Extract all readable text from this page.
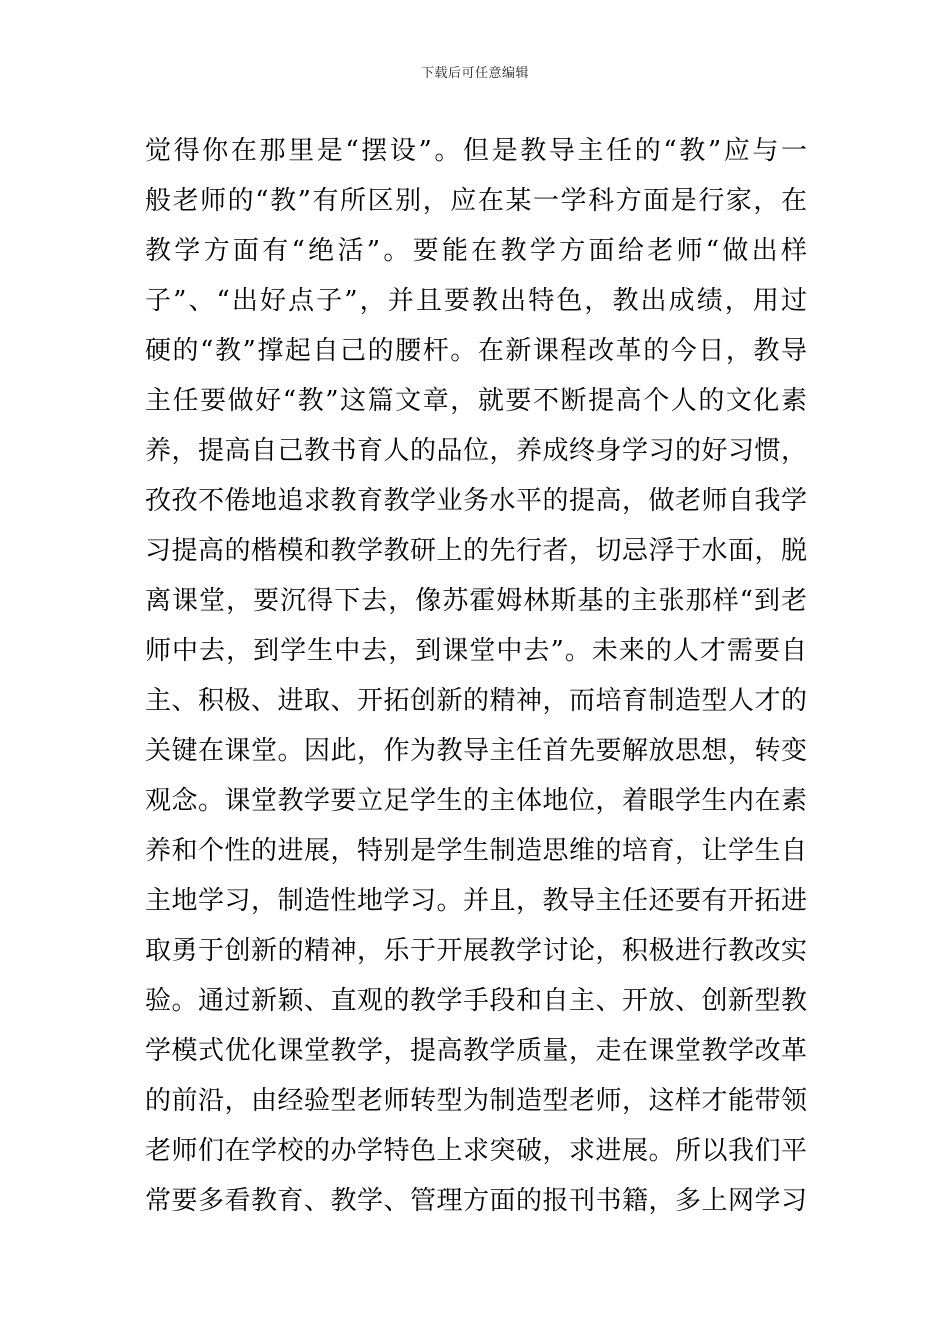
下载后可任意编辑
觉得你在那里是“摆设”。但是教导主任的“教”应与一
般老师的“教”有所区别，应在某一学科方面是行家，在
教学方面有“绝活”。要能在教学方面给老师“做出样
子”、“出好点子”，并且要教出特色，教出成绩，用过
硬的“教”撑起自己的腰杆。在新课程改革的今日，教导
主任要做好“教”这篇文章，就要不断提高个人的文化素
养，提高自己教书育人的品位，养成终身学习的好习惯，
孜孜不倦地追求教育教学业务水平的提高，做老师自我学
习提高的楷模和教学教研上的先行者，切忌浮于水面，脱
离课堂，要沉得下去，像苏霍姆林斯基的主张那样“到老
师中去，到学生中去，到课堂中去”。未来的人才需要自
主、积极、进取、开拓创新的精神，而培育制造型人才的
关键在课堂。因此，作为教导主任首先要解放思想，转变
观念。课堂教学要立足学生的主体地位，着眼学生内在素
养和个性的进展，特别是学生制造思维的培育，让学生自
主地学习，制造性地学习。并且，教导主任还要有开拓进
取勇于创新的精神，乐于开展教学讨论，积极进行教改实
验。通过新颖、直观的教学手段和自主、开放、创新型教
学模式优化课堂教学，提高教学质量，走在课堂教学改革
的前沿，由经验型老师转型为制造型老师，这样才能带领
老师们在学校的办学特色上求突破，求进展。所以我们平
常要多看教育、教学、管理方面的报刊书籍，多上网学习
